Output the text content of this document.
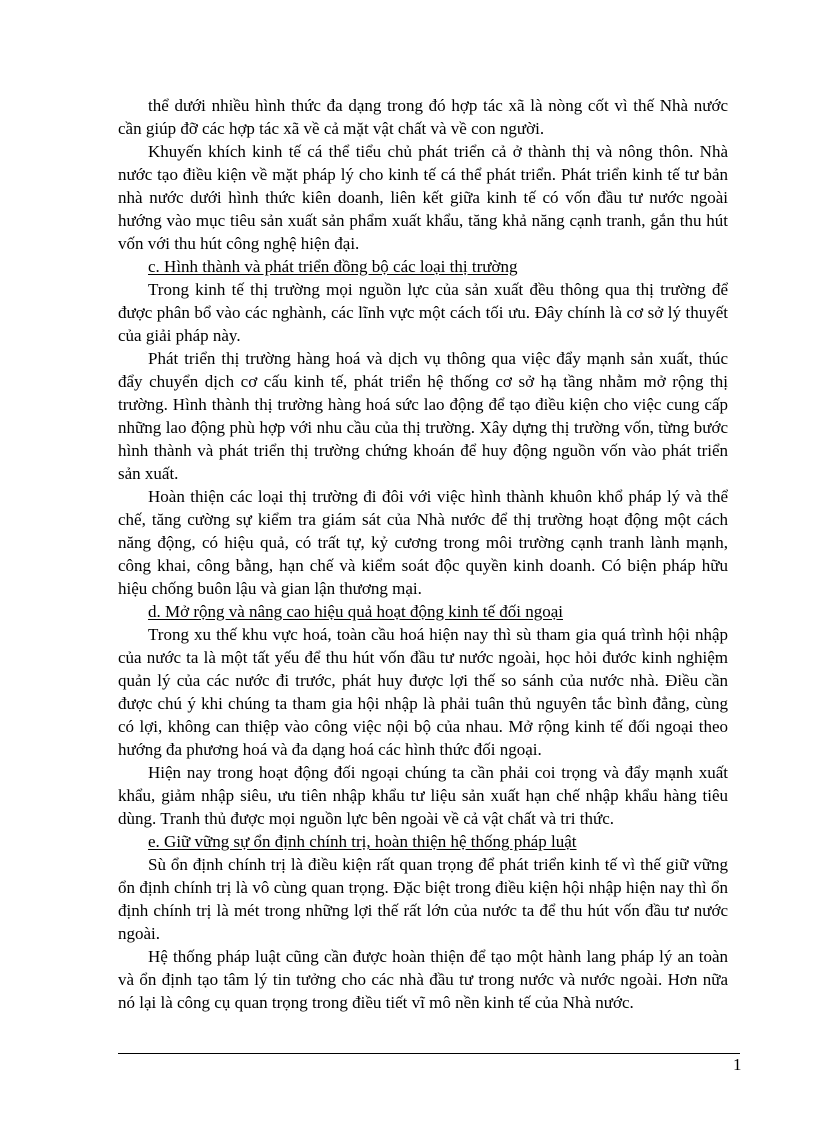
thể dưới nhiều hình thức đa dạng trong đó hợp tác xã là nòng cốt vì thế Nhà nước cần giúp đỡ các hợp tác xã về cả mặt vật chất và về con người.

Khuyến khích kinh tế cá thể tiểu chủ phát triển cả ở thành thị và nông thôn. Nhà nước tạo điều kiện về mặt pháp lý cho kinh tế cá thể phát triển. Phát triển kinh tế tư bản nhà nước dưới hình thức kiên doanh, liên kết giữa kinh tế có vốn đầu tư nước ngoài hướng vào mục tiêu sản xuất sản phẩm xuất khẩu, tăng khả năng cạnh tranh, gắn thu hút vốn với thu hút công nghệ hiện đại.

c. Hình thành và phát triển đồng bộ các loại thị trường

Trong kinh tế thị trường mọi nguồn lực của sản xuất đều thông qua thị trường để được phân bổ vào các nghành, các lĩnh vực một cách tối ưu. Đây chính là cơ sở lý thuyết của giải pháp này.

Phát triển thị trường hàng hoá và dịch vụ thông qua việc đẩy mạnh sản xuất, thúc đẩy chuyển dịch cơ cấu kinh tế, phát triển hệ thống cơ sở hạ tầng nhằm mở rộng thị trường. Hình thành thị trường hàng hoá sức lao động để tạo điều kiện cho việc cung cấp những lao động phù hợp với nhu cầu của thị trường. Xây dựng thị trường vốn, từng bước hình thành và phát triển thị trường chứng khoán để huy động nguồn vốn vào phát triển sản xuất.

Hoàn thiện các loại thị trường đi đôi với việc hình thành khuôn khổ pháp lý và thể chế, tăng cường sự kiểm tra giám sát của Nhà nước để thị trường hoạt động một cách năng động, có hiệu quả, có trất tự, kỷ cương trong môi trường cạnh tranh lành mạnh, công khai, công bằng, hạn chế và kiểm soát độc quyền kinh doanh. Có biện pháp hữu hiệu chống buôn lậu và gian lận thương mại.

d. Mở rộng và nâng cao hiệu quả hoạt động kinh tế đối ngoại

Trong xu thế khu vực hoá, toàn cầu hoá hiện nay thì sù tham gia quá trình hội nhập của nước ta là một tất yếu để thu hút vốn đầu tư nước ngoài, học hỏi đước kinh nghiệm quản lý của các nước đi trước, phát huy được lợi thế so sánh của nước nhà. Điều cần được chú ý khi chúng ta tham gia hội nhập là phải tuân thủ nguyên tắc bình đẳng, cùng có lợi, không can thiệp vào công việc nội bộ của nhau. Mở rộng kinh tế đối ngoại theo hướng đa phương hoá và đa dạng hoá các hình thức đối ngoại.

Hiện nay trong hoạt động đối ngoại chúng ta cần phải coi trọng và đẩy mạnh xuất khẩu, giảm nhập siêu, ưu tiên nhập khẩu tư liệu sản xuất hạn chế nhập khẩu hàng tiêu dùng. Tranh thủ được mọi nguồn lực bên ngoài về cả vật chất và tri thức.

e. Giữ vững sự ổn định chính trị, hoàn thiện hệ thống pháp luật

Sù ổn định chính trị là điều kiện rất quan trọng để phát triển kinh tế vì thế giữ vững ổn định chính trị là vô cùng quan trọng. Đặc biệt trong điều kiện hội nhập hiện nay thì ổn định chính trị là mét trong những lợi thế rất lớn của nước ta để thu hút vốn đầu tư nước ngoài.

Hệ thống pháp luật cũng cần được hoàn thiện để tạo một hành lang pháp lý an toàn và ổn định tạo tâm lý tin tưởng cho các nhà đầu tư trong nước và nước ngoài. Hơn nữa nó lại là công cụ quan trọng trong điều tiết vĩ mô nền kinh tế của Nhà nước.

1
